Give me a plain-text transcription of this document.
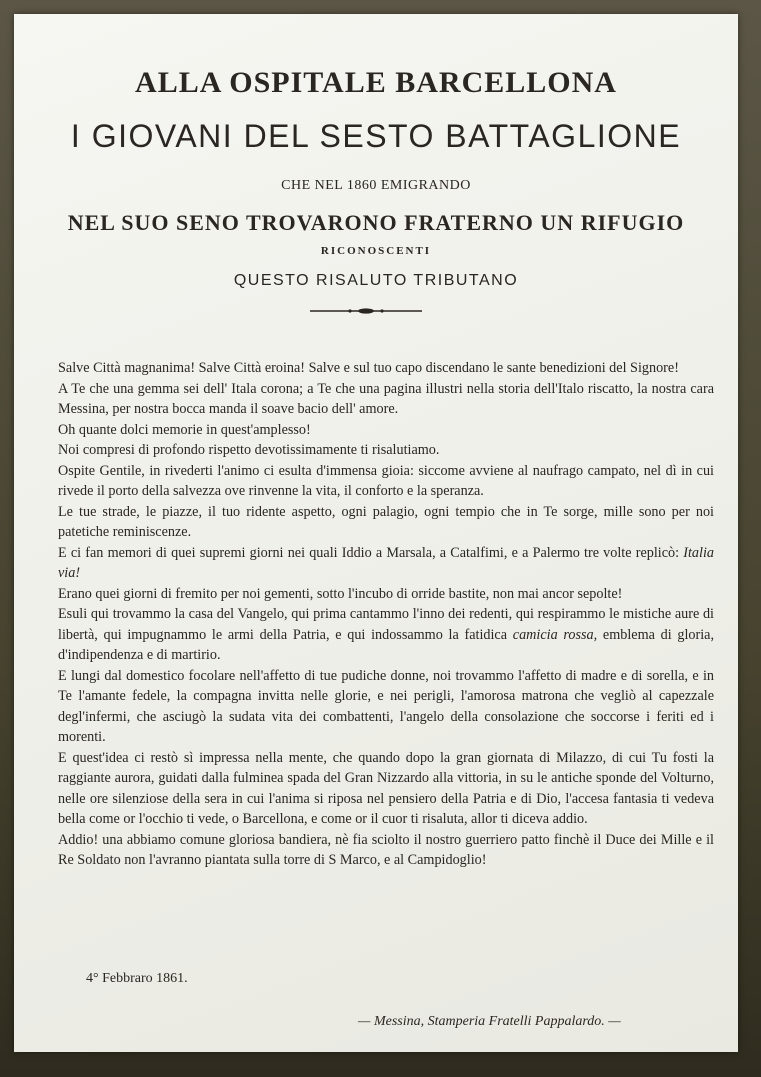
ALLA OSPITALE BARCELLONA
I GIOVANI DEL SESTO BATTAGLIONE
CHE NEL 1860 EMIGRANDO
NEL SUO SENO TROVARONO FRATERNO UN RIFUGIO
RICONOSCENTI
QUESTO RISALUTO TRIBUTANO

Salve Città magnanima! Salve Città eroina! Salve e sul tuo capo discendano le sante benedizioni del Signore!

A Te che una gemma sei dell' Itala corona; a Te che una pagina illustri nella storia dell'Italo riscatto, la nostra cara Messina, per nostra bocca manda il soave bacio dell' amore.

Oh quante dolci memorie in quest'amplesso!

Noi compresi di profondo rispetto devotissimamente ti risalutiamo.

Ospite Gentile, in rivederti l'animo ci esulta d'immensa gioia: siccome avviene al naufrago campato, nel dì in cui rivede il porto della salvezza ove rinvenne la vita, il conforto e la speranza.

Le tue strade, le piazze, il tuo ridente aspetto, ogni palagio, ogni tempio che in Te sorge, mille sono per noi patetiche reminiscenze.

E ci fan memori di quei supremi giorni nei quali Iddio a Marsala, a Catalfimi, e a Palermo tre volte replicò: Italia via!

Erano quei giorni di fremito per noi gementi, sotto l'incubo di orride bastite, non mai ancor sepolte!

Esuli qui trovammo la casa del Vangelo, qui prima cantammo l'inno dei redenti, qui respirammo le mistiche aure di libertà, qui impugnammo le armi della Patria, e qui indossammo la fatidica camicia rossa, emblema di gloria, d'indipendenza e di martirio.

E lungi dal domestico focolare nell'affetto di tue pudiche donne, noi trovammo l'affetto di madre e di sorella, e in Te l'amante fedele, la compagna invitta nelle glorie, e nei perigli, l'amorosa matrona che vegliò al capezzale degl'infermi, che asciugò la sudata vita dei combattenti, l'angelo della consolazione che soccorse i feriti ed i morenti.

E quest'idea ci restò sì impressa nella mente, che quando dopo la gran giornata di Milazzo, di cui Tu fosti la raggiante aurora, guidati dalla fulminea spada del Gran Nizzardo alla vittoria, in su le antiche sponde del Volturno, nelle ore silenziose della sera in cui l'anima si riposa nel pensiero della Patria e di Dio, l'accesa fantasia ti vedeva bella come or l'occhio ti vede, o Barcellona, e come or il cuor ti risaluta, allor ti diceva addio.

Addio! una abbiamo comune gloriosa bandiera, nè fia sciolto il nostro guerriero patto finchè il Duce dei Mille e il Re Soldato non l'avranno piantata sulla torre di S Marco, e al Campidoglio!

4° Febbraro 1861.
— Messina, Stamperia Fratelli Pappalardo. —
